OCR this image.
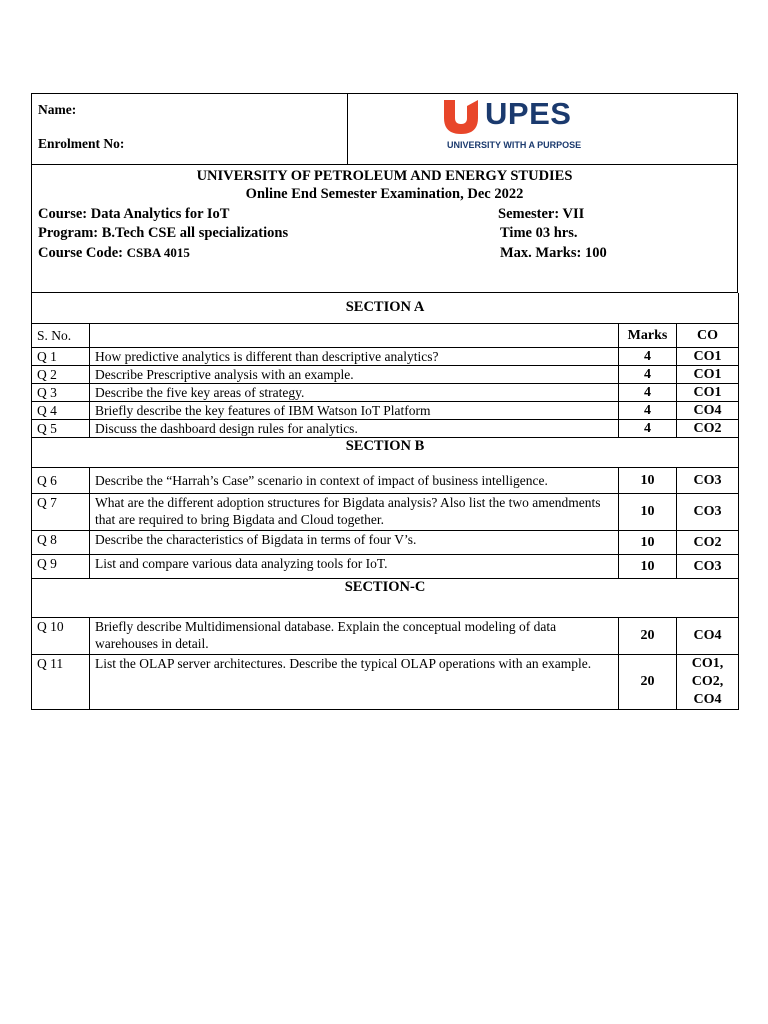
Name:
Enrolment No:
UPES
UNIVERSITY WITH A PURPOSE
UNIVERSITY OF PETROLEUM AND ENERGY STUDIES
Online End Semester Examination, Dec 2022
Course: Data Analytics for IoT	Semester: VII
Program: B.Tech CSE all specializations	Time 03 hrs.
Course Code: CSBA 4015	Max. Marks: 100
SECTION A			
S. No.		Marks	CO
Q 1	How predictive analytics is different than descriptive analytics?	4	CO1
Q 2	Describe Prescriptive analysis with an example.	4	CO1
Q 3	Describe the five key areas of strategy.	4	CO1
Q 4	Briefly describe the key features of IBM Watson IoT Platform	4	CO4
Q 5	Discuss the dashboard design rules for analytics.	4	CO2
SECTION B			
Q 6	Describe the “Harrah’s Case” scenario in context of impact of business intelligence.	10	CO3
Q 7	What are the different adoption structures for Bigdata analysis? Also list the two amendments that are required to bring Bigdata and Cloud together.	10	CO3
Q 8	Describe the characteristics of Bigdata in terms of four V’s.	10	CO2
Q 9	List and compare various data analyzing tools for IoT.	10	CO3
SECTION-C			
Q 10	Briefly describe Multidimensional database. Explain the conceptual modeling of data warehouses in detail.	20	CO4
Q 11	List the OLAP server architectures. Describe the typical OLAP operations with an example.	20	CO1, CO2, CO4
